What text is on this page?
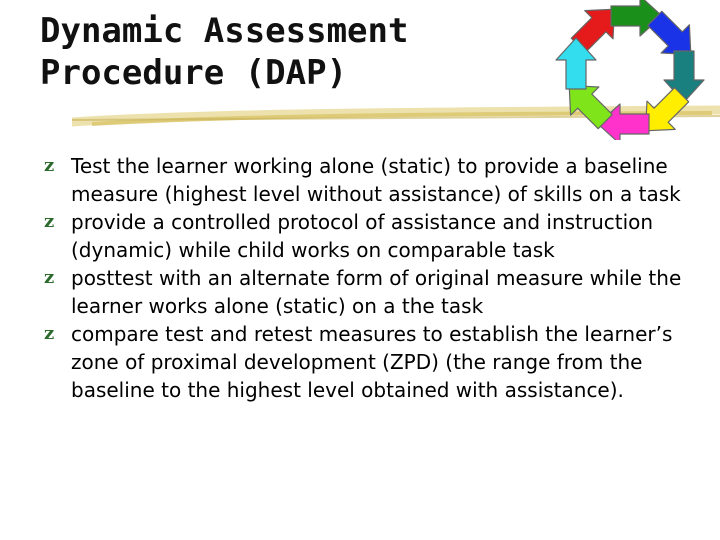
Dynamic Assessment
Procedure (DAP)
z Test the learner working alone (static) to provide a baseline measure (highest level without assistance) of skills on a task
z provide a controlled protocol of assistance and instruction (dynamic) while child works on comparable task
z posttest with an alternate form of original measure while the learner works alone (static) on a the task
z compare test and retest measures to establish the learner’s zone of proximal development (ZPD) (the range from the baseline to the highest level obtained with assistance).
